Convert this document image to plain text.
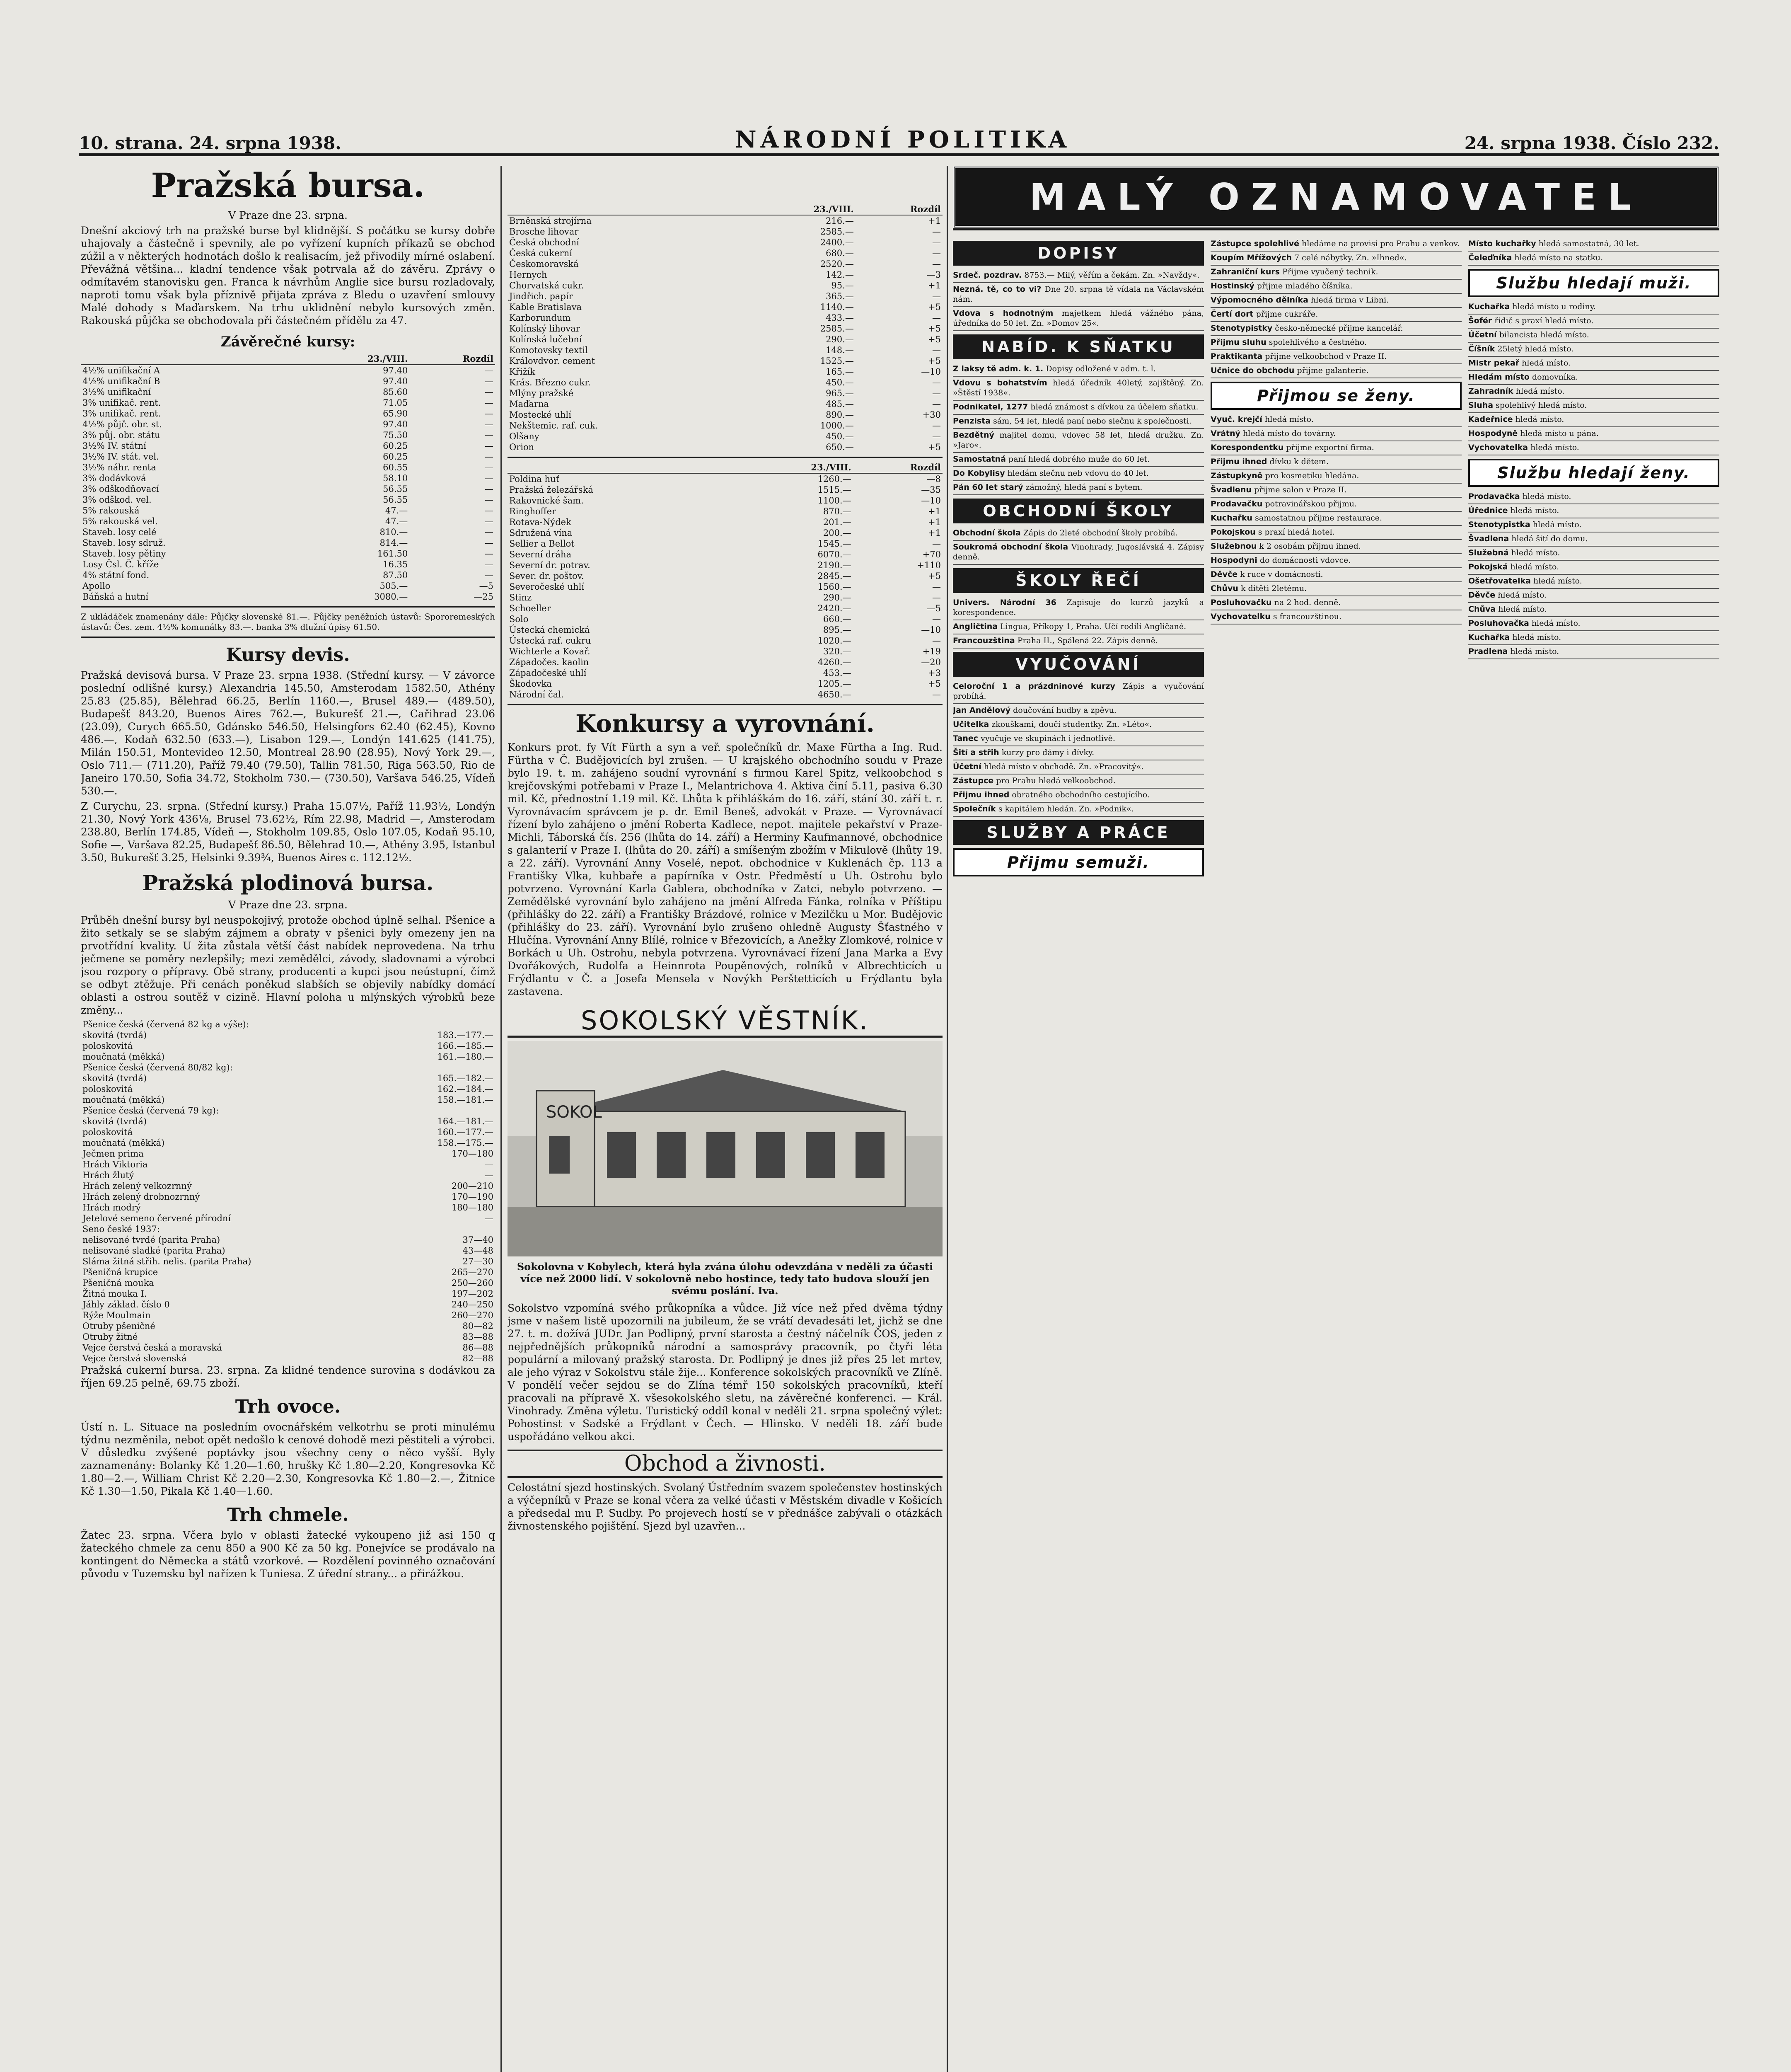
10. strana. 24. srpna 1938.	NÁRODNÍ POLITIKA	24. srpna 1938. Číslo 232.
Pražská bursa.
V Praze dne 23. srpna.
Dnešní akciový trh na pražské burse byl klidnější. S počátku se kursy dobře uhajovaly a částečně i spevnily, ale po vyřízení kupních příkazů se obchod zúžil a v některých hodnotách došlo k realisacím, jež přivodily mírné oslabení. Převážná většina... kladní tendence však potrvala až do závěru. Zprávy o odmítavém stanovisku gen. Franca k návrhům Anglie sice bursu rozladovaly, naproti tomu však byla příznivě přijata zpráva z Bledu o uzavření smlouvy Malé dohody s Maďarskem. Na trhu uklidnění nebylo kursových změn. Rakouská půjčka se obchodovala při částečném přídělu za 47.
Závěrečné kursy:
	23./VIII.	Rozdíl
4½% unifikační A	97.40	—
4½% unifikační B	97.40	—
3½% unifikační	85.60	—
3% unifikač. rent.	71.05	—
3% unifikač. rent.	65.90	—
4½% půjč. obr. st.	97.40	—
3% půj. obr. státu	75.50	—
3½% IV. státní	60.25	—
3½% IV. stát. vel.	60.25	—
3½% náhr. renta	60.55	—
3% dodávková	58.10	—
3% odškodňovací	56.55	—
3% odškod. vel.	56.55	—
5% rakouská	47.—	—
5% rakouská vel.	47.—	—
Staveb. losy celé	810.—	—
Staveb. losy sdruž.	814.—	—
Staveb. losy pětiny	161.50	—
Losy Čsl. Č. kříže	16.35	—
4% státní fond.	87.50	—
Apollo	505.—	—5
Báňská a hutní	3080.—	—25
Z ukládáček znamenány dále: Půjčky slovenské 81.—. Půjčky peněžních ústavů: Spororemeských ústavů: Čes. zem. 4½% komunálky 83.—. banka 3% dlužní úpisy 61.50.
Kursy devis.
Pražská devisová bursa. V Praze 23. srpna 1938. (Střední kursy. — V závorce poslední odlišné kursy.) Alexandria 145.50, Amsterodam 1582.50, Athény 25.83 (25.85), Bělehrad 66.25, Berlín 1160.—, Brusel 489.— (489.50), Budapešť 843.20, Buenos Aires 762.—, Bukurešť 21.—, Cařihrad 23.06 (23.09), Curych 665.50, Gdánsko 546.50, Helsingfors 62.40 (62.45), Kovno 486.—, Kodaň 632.50 (633.—), Lisabon 129.—, Londýn 141.625 (141.75), Milán 150.51, Montevideo 12.50, Montreal 28.90 (28.95), Nový York 29.—, Oslo 711.— (711.20), Paříž 79.40 (79.50), Tallin 781.50, Riga 563.50, Rio de Janeiro 170.50, Sofia 34.72, Stokholm 730.— (730.50), Varšava 546.25, Vídeň 530.—.
Z Curychu, 23. srpna. (Střední kursy.) Praha 15.07½, Paříž 11.93½, Londýn 21.30, Nový York 436⅛, Brusel 73.62½, Rím 22.98, Madrid —, Amsterodam 238.80, Berlín 174.85, Vídeň —, Stokholm 109.85, Oslo 107.05, Kodaň 95.10, Sofie —, Varšava 82.25, Budapešť 86.50, Bělehrad 10.—, Athény 3.95, Istanbul 3.50, Bukurešť 3.25, Helsinki 9.39¾, Buenos Aires c. 112.12½.
Pražská plodinová bursa.
V Praze dne 23. srpna.
Průběh dnešní bursy byl neuspokojivý, protože obchod úplně selhal. Pšenice a žito setkaly se se slabým zájmem a obraty v pšenici byly omezeny jen na prvotřídní kvality. U žita zůstala větší část nabídek neprovedena. Na trhu ječmene se poměry nezlepšily; mezi zemědělci, závody, sladovnami a výrobci jsou rozpory o přípravy. Obě strany, producenti a kupci jsou neústupní, čímž se odbyt ztěžuje. Při cenách poněkud slabších se objevily nabídky domácí oblasti a ostrou soutěž v cizině. Hlavní poloha u mlýnských výrobků beze změny...
Pšenice česká (červená 82 kg a výše):	
skovitá (tvrdá)	183.—177.—
poloskovitá	166.—185.—
moučnatá (měkká)	161.—180.—
Pšenice česká (červená 80/82 kg):	
skovitá (tvrdá)	165.—182.—
poloskovitá	162.—184.—
moučnatá (měkká)	158.—181.—
Pšenice česká (červená 79 kg):	
skovitá (tvrdá)	164.—181.—
poloskovitá	160.—177.—
moučnatá (měkká)	158.—175.—
Ječmen prima	170—180
Hrách Viktoria	—
Hrách žlutý	—
Hrách zelený velkozrnný	200—210
Hrách zelený drobnozrnný	170—190
Hrách modrý	180—180
Jetelové semeno červené přírodní	—
Seno české 1937:	
nelisované tvrdé (parita Praha)	37—40
nelisované sladké (parita Praha)	43—48
Sláma žitná střih. nelis. (parita Praha)	27—30
Pšeničná krupice	265—270
Pšeničná mouka	250—260
Žitná mouka I.	197—202
Jáhly základ. číslo 0	240—250
Rýže Moulmain	260—270
Otruby pšeničné	80—82
Otruby žitné	83—88
Vejce čerstvá česká a moravská	86—88
Vejce čerstvá slovenská	82—88
Pražská cukerní bursa. 23. srpna. Za klidné tendence surovina s dodávkou za říjen 69.25 pelně, 69.75 zboží.
Trh ovoce.
Ústí n. L. Situace na posledním ovocnářském velkotrhu se proti minulému týdnu nezměnila, nebot opět nedošlo k cenové dohodě mezi pěstiteli a výrobci. V důsledku zvýšené poptávky jsou všechny ceny o něco vyšší. Byly zaznamenány: Bolanky Kč 1.20—1.60, hrušky Kč 1.80—2.20, Kongresovka Kč 1.80—2.—, William Christ Kč 2.20—2.30, Kongresovka Kč 1.80—2.—, Žitnice Kč 1.30—1.50, Pikala Kč 1.40—1.60.
Trh chmele.
Žatec 23. srpna. Včera bylo v oblasti žatecké vykoupeno již asi 150 q žateckého chmele za cenu 850 a 900 Kč za 50 kg. Ponejvíce se prodávalo na kontingent do Německa a států vzorkové. — Rozdělení povinného označování původu v Tuzemsku byl nařízen k Tuniesa. Z úřední strany... a přirážkou.
	23./VIII.	Rozdíl
Brněnská strojírna	216.—	+1
Brosche lihovar	2585.—	—
Česká obchodní	2400.—	—
Česká cukerní	680.—	—
Českomoravská	2520.—	—
Hernych	142.—	—3
Chorvatská cukr.	95.—	+1
Jindřich. papír	365.—	—
Kable Bratislava	1140.—	+5
Karborundum	433.—	—
Kolínský lihovar	2585.—	+5
Kolínská lučební	290.—	+5
Komotovsky textil	148.—	—
Královdvor. cement	1525.—	+5
Křižík	165.—	—10
Krás. Březno cukr.	450.—	—
Mlýny pražské	965.—	—
Maďarna	485.—	—
Mostecké uhlí	890.—	+30
Nekštemic. raf. cuk.	1000.—	—
Olšany	450.—	—
Orion	650.—	+5
	23./VIII.	Rozdíl
Poldina huť	1260.—	—8
Pražská železářská	1515.—	—35
Rakovnické šam.	1100.—	—10
Ringhoffer	870.—	+1
Rotava-Nýdek	201.—	+1
Sdružená vína	200.—	+1
Sellier a Bellot	1545.—	—
Severní dráha	6070.—	+70
Severní dr. potrav.	2190.—	+110
Sever. dr. poštov.	2845.—	+5
Severočeské uhlí	1560.—	—
Stinz	290.—	—
Schoeller	2420.—	—5
Solo	660.—	—
Ústecká chemická	895.—	—10
Ústecká raf. cukru	1020.—	—
Wichterle a Kovař.	320.—	+19
Západočes. kaolin	4260.—	—20
Západočeské uhlí	453.—	+3
Škodovka	1205.—	+5
Národní čal.	4650.—	—
Konkursy a vyrovnání.
Konkurs prot. fy Vít Fürth a syn a veř. společníků dr. Maxe Fürtha a Ing. Rud. Fürtha v Č. Budějovicích byl zrušen. — U krajského obchodního soudu v Praze bylo 19. t. m. zahájeno soudní vyrovnání s firmou Karel Spitz, velkoobchod s krejčovskými potřebami v Praze I., Melantrichova 4. Aktiva činí 5.11, pasiva 6.30 mil. Kč, přednostní 1.19 mil. Kč. Lhůta k přihláškám do 16. září, stání 30. září t. r. Vyrovnávacím správcem je p. dr. Emil Beneš, advokát v Praze. — Vyrovnávací řízení bylo zahájeno o jmění Roberta Kadlece, nepot. majitele pekařství v Praze-Michli, Táborská čís. 256 (lhůta do 14. září) a Herminy Kaufmannové, obchodnice s galanterií v Praze I. (lhůta do 20. září) a smíšeným zbožím v Mikulově (lhůty 19. a 22. září). Vyrovnání Anny Voselé, nepot. obchodnice v Kuklenách čp. 113 a Františky Vlka, kuhbaře a papírníka v Ostr. Předměstí u Uh. Ostrohu bylo potvrzeno. Vyrovnání Karla Gablera, obchodníka v Zatci, nebylo potvrzeno. — Zemědělské vyrovnání bylo zahájeno na jmění Alfreda Fánka, rolníka v Příštipu (přihlášky do 22. září) a Františky Brázdové, rolnice v Mezilčku u Mor. Budějovic (přihlášky do 23. září). Vyrovnání bylo zrušeno ohledně Augusty Šťastného v Hlučína. Vyrovnání Anny Blílé, rolnice v Březovicích, a Anežky Zlomkové, rolnice v Borkách u Uh. Ostrohu, nebyla potvrzena. Vyrovnávací řízení Jana Marka a Evy Dvořákových, Rudolfa a Heinnrota Poupěnových, rolníků v Albrechticích u Frýdlantu v Č. a Josefa Mensela v Novýkh Perštetticích u Frýdlantu byla zastavena.
SOKOLSKÝ VĚSTNÍK.
SOKOL
Sokolovna v Kobylech, která byla zvána úlohu odevzdána v neděli za účasti více než 2000 lidí. V sokolovně nebo hostince, tedy tato budova slouží jen svému poslání. Iva.
Sokolstvo vzpomíná svého průkopníka a vůdce. Již více než před dvěma týdny jsme v našem listě upozornili na jubileum, že se vrátí devadesáti let, jichž se dne 27. t. m. dožívá JUDr. Jan Podlipný, první starosta a čestný náčelník ČOS, jeden z nejpřednějších průkopníků národní a samosprávy pracovník, po čtyři léta populární a milovaný pražský starosta. Dr. Podlipný je dnes již přes 25 let mrtev, ale jeho výraz v Sokolstvu stále žije... Konference sokolských pracovníků ve Zlíně. V pondělí večer sejdou se do Zlína témř 150 sokolských pracovníků, kteří pracovali na přípravě X. všesokolského sletu, na závěrečné konferenci. — Král. Vinohrady. Změna výletu. Turistický oddíl konal v neděli 21. srpna společný výlet: Pohostinst v Sadské a Frýdlant v Čech. — Hlinsko. V neděli 18. září bude uspořádáno velkou akci.
Obchod a živnosti.
Celostátní sjezd hostinských. Svolaný Ústředním svazem společenstev hostinských a výčepníků v Praze se konal včera za velké účasti v Městském divadle v Košicích a předsedal mu P. Sudby. Po projevech hostí se v přednášce zabývali o otázkách živnostenského pojištění. Sjezd byl uzavřen...
MALÝ OZNAMOVATEL
DOPISY
Srdeč. pozdrav. 8753.— Milý, věřím a čekám. Zn. »Navždy«.
Nezná. tě, co to vi? Dne 20. srpna tě vídala na Václavském nám.
Vdova s hodnotným majetkem hledá vážného pána, úředníka do 50 let. Zn. »Domov 25«.
NABÍD. K SŇATKU
Z laksy tě adm. k. 1. Dopisy odložené v adm. t. l.
Vdovu s bohatstvím hledá úředník 40letý, zajištěný. Zn. »Štěstí 1938«.
Podnikatel, 1277 hledá známost s dívkou za účelem sňatku.
Penzista sám, 54 let, hledá paní nebo slečnu k společnosti.
Bezdětný majitel domu, vdovec 58 let, hledá družku. Zn. »Jaro«.
Samostatná paní hledá dobrého muže do 60 let.
Do Kobylisy hledám slečnu neb vdovu do 40 let.
Pán 60 let starý zámožný, hledá paní s bytem.
OBCHODNÍ ŠKOLY
Obchodní škola Zápis do 2leté obchodní školy probíhá.
Soukromá obchodní škola Vinohrady, Jugoslávská 4. Zápisy denně.
ŠKOLY ŘEČÍ
Univers. Národní 36 Zapisuje do kurzů jazyků a korespondence.
Angličtina Lingua, Příkopy 1, Praha. Učí rodilí Angličané.
Francouzština Praha II., Spálená 22. Zápis denně.
VYUČOVÁNÍ
Celoroční 1 a prázdninové kurzy Zápis a vyučování probíhá.
Jan Andělový doučování hudby a zpěvu.
Učitelka zkouškami, doučí studentky. Zn. »Léto«.
Tanec vyučuje ve skupinách i jednotlivě.
Šití a střih kurzy pro dámy i dívky.
Účetní hledá místo v obchodě. Zn. »Pracovitý«.
Zástupce pro Prahu hledá velkoobchod.
Přijmu ihned obratného obchodního cestujícího.
Společník s kapitálem hledán. Zn. »Podnik«.
SLUŽBY A PRÁCE
Přijmu semuži.
Zástupce spolehlivé hledáme na provisi pro Prahu a venkov.
Koupím Mřížových 7 celé nábytky. Zn. »Ihned«.
Zahraniční kurs Přijme vyučený technik.
Hostinský přijme mladého číšníka.
Výpomocného dělníka hledá firma v Libni.
Čertí dort přijme cukráře.
Stenotypistky česko-německé přijme kancelář.
Přijmu sluhu spolehlivého a čestného.
Praktikanta přijme velkoobchod v Praze II.
Učnice do obchodu přijme galanterie.
Přijmou se ženy.
Vyuč. krejčí hledá místo.
Vrátný hledá místo do továrny.
Korespondentku přijme exportní firma.
Přijmu ihned dívku k dětem.
Zástupkyně pro kosmetiku hledána.
Švadlenu přijme salon v Praze II.
Prodavačku potravinářskou přijmu.
Kuchařku samostatnou přijme restaurace.
Pokojskou s praxí hledá hotel.
Služebnou k 2 osobám přijmu ihned.
Hospodyni do domácnosti vdovce.
Děvče k ruce v domácnosti.
Chůvu k dítěti 2letému.
Posluhovačku na 2 hod. denně.
Vychovatelku s francouzštinou.
Místo kuchařky hledá samostatná, 30 let.
Čeleďníka hledá místo na statku.
Službu hledají muži.
Kuchařka hledá místo u rodiny.
Šofér řidič s praxí hledá místo.
Účetní bilancista hledá místo.
Číšník 25letý hledá místo.
Mistr pekař hledá místo.
Hledám místo domovníka.
Zahradník hledá místo.
Sluha spolehlivý hledá místo.
Kadeřnice hledá místo.
Hospodyně hledá místo u pána.
Vychovatelka hledá místo.
Službu hledají ženy.
Prodavačka hledá místo.
Úřednice hledá místo.
Stenotypistka hledá místo.
Švadlena hledá šití do domu.
Služebná hledá místo.
Pokojská hledá místo.
Ošetřovatelka hledá místo.
Děvče hledá místo.
Chůva hledá místo.
Posluhovačka hledá místo.
Kuchařka hledá místo.
Pradlena hledá místo.
